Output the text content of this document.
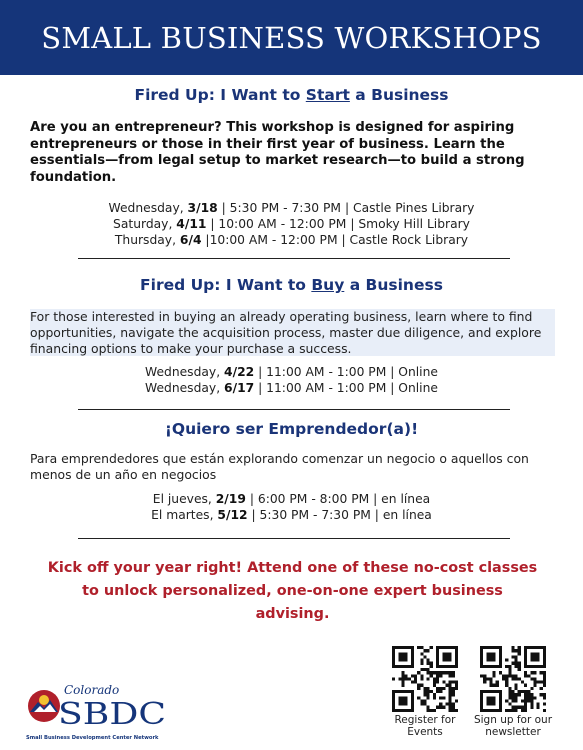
SMALL BUSINESS WORKSHOPS
Fired Up: I Want to Start a Business
Are you an entrepreneur? This workshop is designed for aspiring entrepreneurs or those in their first year of business. Learn the essentials—from legal setup to market research—to build a strong foundation.
Wednesday, 3/18 | 5:30 PM - 7:30 PM | Castle Pines Library
Saturday, 4/11 | 10:00 AM - 12:00 PM | Smoky Hill Library
Thursday, 6/4 |10:00 AM - 12:00 PM | Castle Rock Library
Fired Up: I Want to Buy a Business
For those interested in buying an already operating business, learn where to find opportunities, navigate the acquisition process, master due diligence, and explore financing options to make your purchase a success.
Wednesday, 4/22 | 11:00 AM - 1:00 PM | Online
Wednesday, 6/17 | 11:00 AM - 1:00 PM | Online
¡Quiero ser Emprendedor(a)!
Para emprendedores que están explorando comenzar un negocio o aquellos con menos de un año en negocios
El jueves, 2/19 | 6:00 PM - 8:00 PM | en línea
El martes, 5/12 | 5:30 PM - 7:30 PM | en línea
Kick off your year right! Attend one of these no-cost classes
to unlock personalized, one-on-one expert business
advising.
Colorado
SBDC
Small Business Development Center Network
Register for
Events
Sign up for our
newsletter
